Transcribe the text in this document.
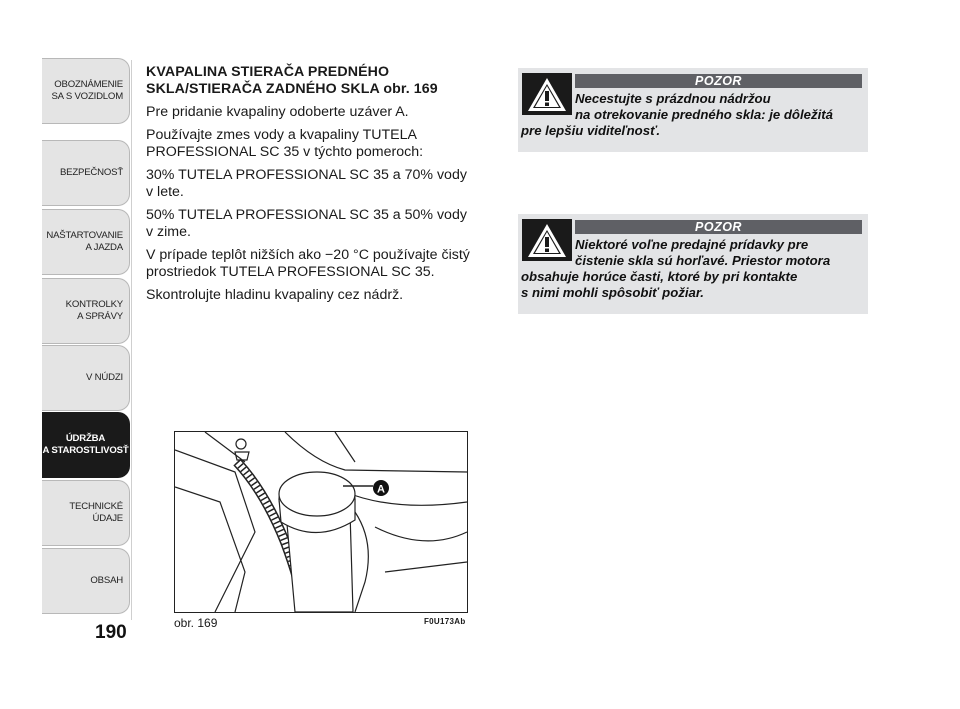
OBOZNÁMENIE
SA S VOZIDLOM
BEZPEČNOSŤ
NAŠTARTOVANIE
A JAZDA
KONTROLKY
A SPRÁVY
V NÚDZI
ÚDRŽBA
A STAROSTLIVOSŤ
TECHNICKÉ
ÚDAJE
OBSAH
190

KVAPALINA STIERAČA PREDNÉHO SKLA/STIERAČA ZADNÉHO SKLA obr. 169

Pre pridanie kvapaliny odoberte uzáver A.

Používajte zmes vody a kvapaliny TUTELA PROFESSIONAL SC 35 v týchto pomeroch:

30% TUTELA PROFESSIONAL SC 35 a 70% vody
v lete.

50% TUTELA PROFESSIONAL SC 35 a 50% vody
v zime.

V prípade teplôt nižších ako −20 °C používajte čistý prostriedok TUTELA PROFESSIONAL SC 35.

Skontrolujte hladinu kvapaliny cez nádrž.

A
obr. 169	F0U173Ab
POZOR
Necestujte s prázdnou nádržou
na otrekovanie predného skla: je dôležitá
pre lepšiu viditeľnosť.
POZOR
Niektoré voľne predajné prídavky pre
čistenie skla sú horľavé. Priestor motora
obsahuje horúce časti, ktoré by pri kontakte
s nimi mohli spôsobiť požiar.
